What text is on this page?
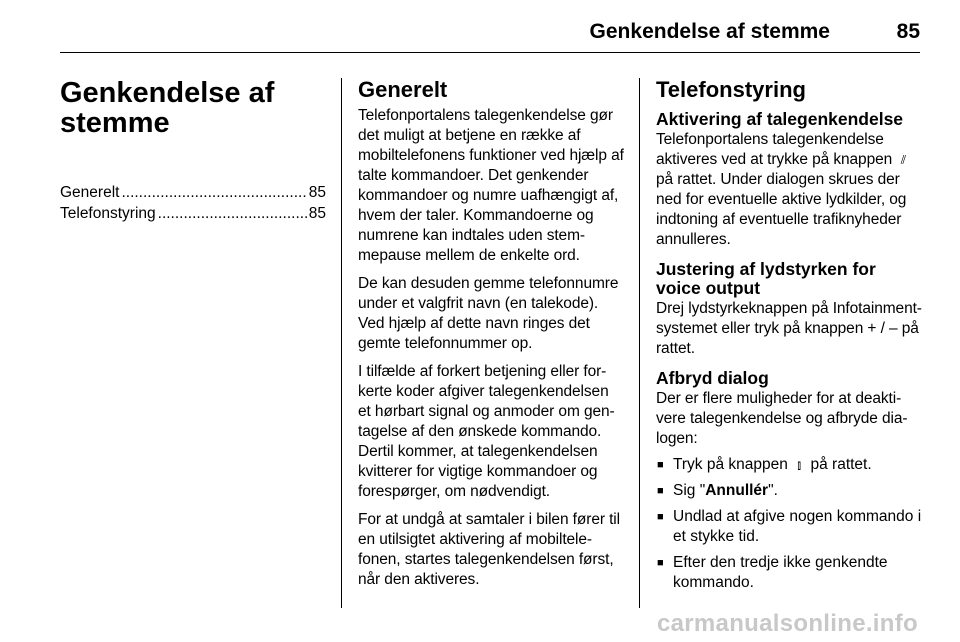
Genkendelse af stemme	85
Genkendelse af
stemme
Generelt .....	85
Telefonstyring .....	85
Generelt

Telefonportalens talegenkendelse gør det muligt at betjene en række af mobiltelefonens funktioner ved hjælp af talte kommandoer. Det genkender kommandoer og numre uafhængigt af, hvem der taler. Kommandoerne og numrene kan indtales uden stemmepause mellem de enkelte ord.

De kan desuden gemme telefonnumre under et valgfrit navn (en talekode). Ved hjælp af dette navn ringes det gemte telefonnummer op.

I tilfælde af forkert betjening eller forkerte koder afgiver talegenkendelsen et hørbart signal og anmoder om gentagelse af den ønskede kommando. Dertil kommer, at talegenkendelsen kvitterer for vigtige kommandoer og forespørger, om nødvendigt.

For at undgå at samtaler i bilen fører til en utilsigtet aktivering af mobiltelefonen, startes talegenkendelsen først, når den aktiveres.

Telefonstyring
Aktivering af talegenkendelse

Telefonportalens talegenkendelse aktiveres ved at trykke på knappen ⫽ på rattet. Under dialogen skrues der ned for eventuelle aktive lydkilder, og indtoning af eventuelle trafiknyheder annulleres.

Justering af lydstyrken for voice output

Drej lydstyrkeknappen på Infotainment-systemet eller tryk på knappen + / – på rattet.

Afbryd dialog

Der er flere muligheder for at deaktivere talegenkendelse og afbryde dialogen:

■ Tryk på knappen ⫾ på rattet.
■ Sig "Annullér".
■ Undlad at afgive nogen kommando i et stykke tid.
■ Efter den tredje ikke genkendte kommando.
carmanualsonline.info
